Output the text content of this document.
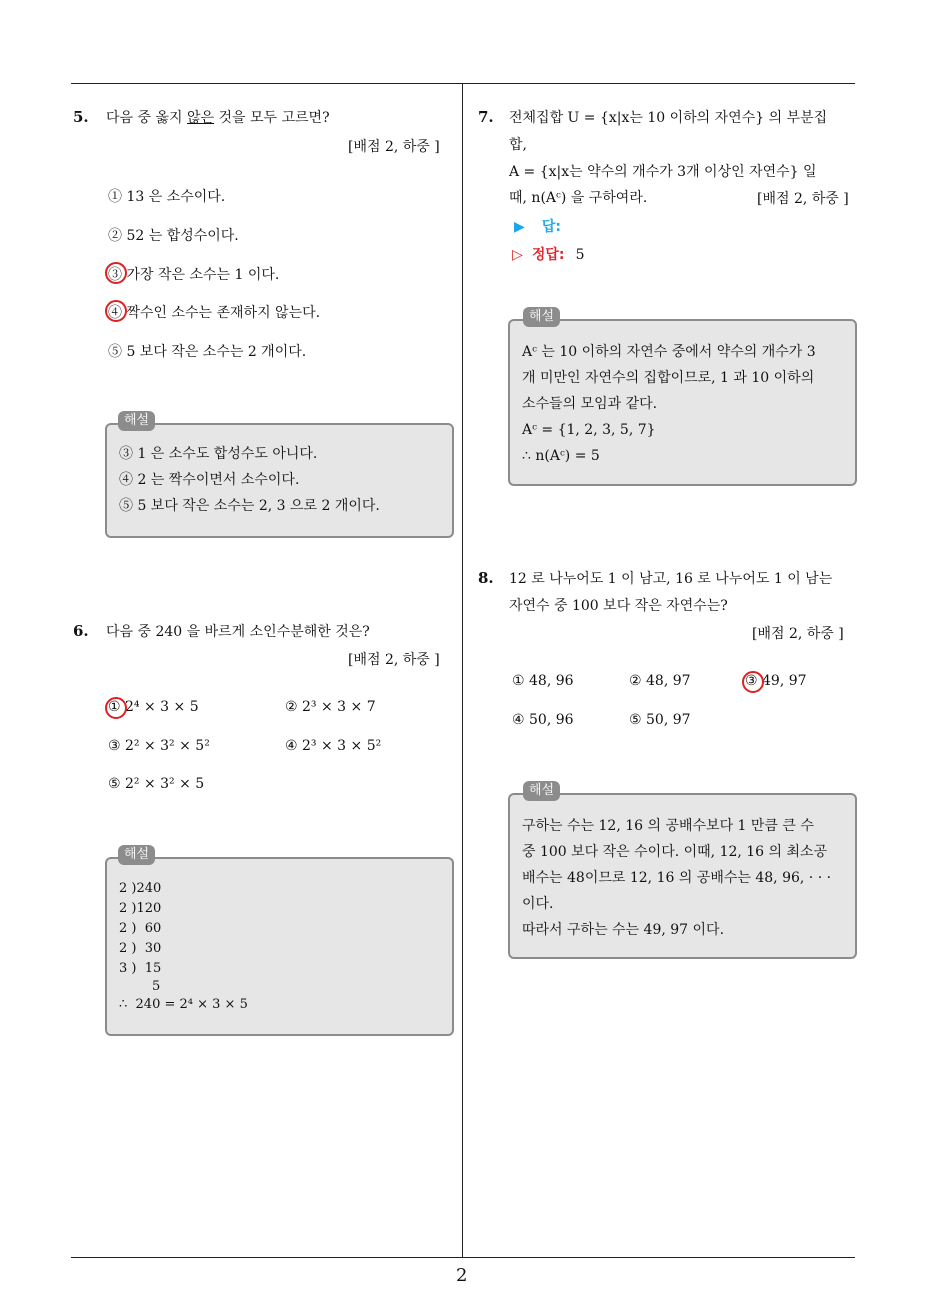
5. 다음 중 옳지 않은 것을 모두 고르면?
[배점 2, 하중 ]
① 13 은 소수이다.
② 52 는 합성수이다.
③ 가장 작은 소수는 1 이다.
④ 짝수인 소수는 존재하지 않는다.
⑤ 5 보다 작은 소수는 2 개이다.
③ 1 은 소수도 합성수도 아니다.
④ 2 는 짝수이면서 소수이다.
⑤ 5 보다 작은 소수는 2, 3 으로 2 개이다.
해설
6. 다음 중 240 을 바르게 소인수분해한 것은?
[배점 2, 하중 ]
① 2⁴ × 3 × 5	② 2³ × 3 × 7
③ 2² × 3² × 5²	④ 2³ × 3 × 5²
⑤ 2² × 3² × 5
2 )240
2 )120
2 )  60
2 )  30
3 )  15
5
∴  240 = 2⁴ × 3 × 5
해설
7. 전체집합 U = {x|x는 10 이하의 자연수} 의 부분집
합,
A = {x|x는 약수의 개수가 3개 이상인 자연수} 일
때, n(Aᶜ) 을 구하여라.	[배점 2, 하중 ]
▶ 답:
▷ 정답: 5
Aᶜ 는 10 이하의 자연수 중에서 약수의 개수가 3
개 미만인 자연수의 집합이므로, 1 과 10 이하의
소수들의 모임과 같다.
Aᶜ = {1, 2, 3, 5, 7}
∴ n(Aᶜ) = 5
해설
8. 12 로 나누어도 1 이 남고, 16 로 나누어도 1 이 남는
자연수 중 100 보다 작은 자연수는?
[배점 2, 하중 ]
① 48, 96	② 48, 97	③ 49, 97
④ 50, 96	⑤ 50, 97
구하는 수는 12, 16 의 공배수보다 1 만큼 큰 수
중 100 보다 작은 수이다. 이때, 12, 16 의 최소공
배수는 48이므로 12, 16 의 공배수는 48, 96, · · ·
이다.
따라서 구하는 수는 49, 97 이다.
해설
2
